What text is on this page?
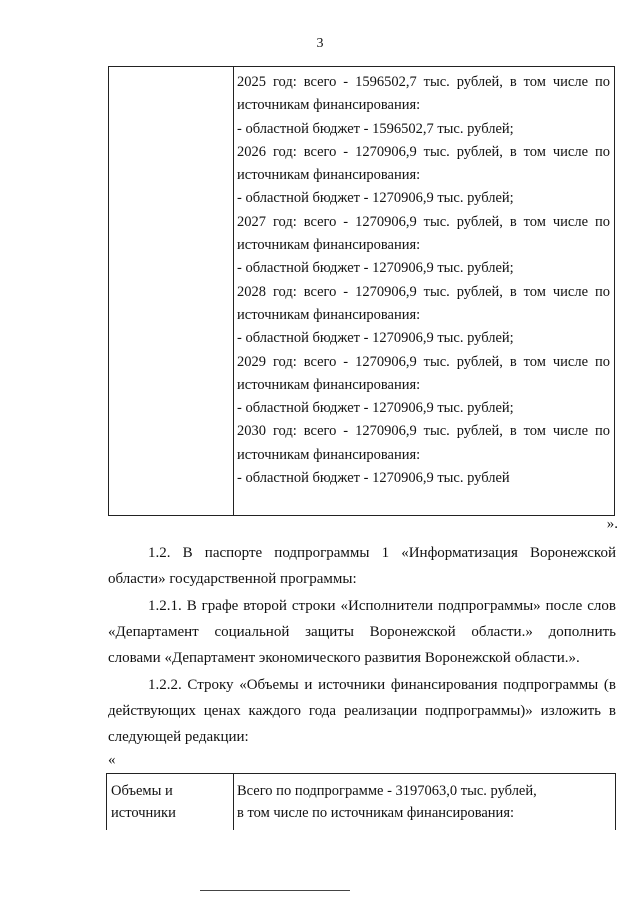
3
2025 год: всего - 1596502,7 тыс. рублей, в том числе по
источникам финансирования:
- областной бюджет - 1596502,7 тыс. рублей;
2026 год: всего - 1270906,9 тыс. рублей, в том числе по
источникам финансирования:
- областной бюджет - 1270906,9 тыс. рублей;
2027 год: всего - 1270906,9 тыс. рублей, в том числе по
источникам финансирования:
- областной бюджет - 1270906,9 тыс. рублей;
2028 год: всего - 1270906,9 тыс. рублей, в том числе по
источникам финансирования:
- областной бюджет - 1270906,9 тыс. рублей;
2029 год: всего - 1270906,9 тыс. рублей, в том числе по
источникам финансирования:
- областной бюджет - 1270906,9 тыс. рублей;
2030 год: всего - 1270906,9 тыс. рублей, в том числе по
источникам финансирования:
- областной бюджет - 1270906,9 тыс. рублей
».
1.2. В паспорте подпрограммы 1 «Информатизация Воронежской
области» государственной программы:
1.2.1. В графе второй строки «Исполнители подпрограммы» после слов
«Департамент социальной защиты Воронежской области.» дополнить
словами «Департамент экономического развития Воронежской области.».
1.2.2. Строку «Объемы и источники финансирования подпрограммы (в
действующих ценах каждого года реализации подпрограммы)» изложить в
следующей редакции:
«
Объемы и
источники
Всего по подпрограмме - 3197063,0 тыс. рублей,
в том числе по источникам финансирования:
